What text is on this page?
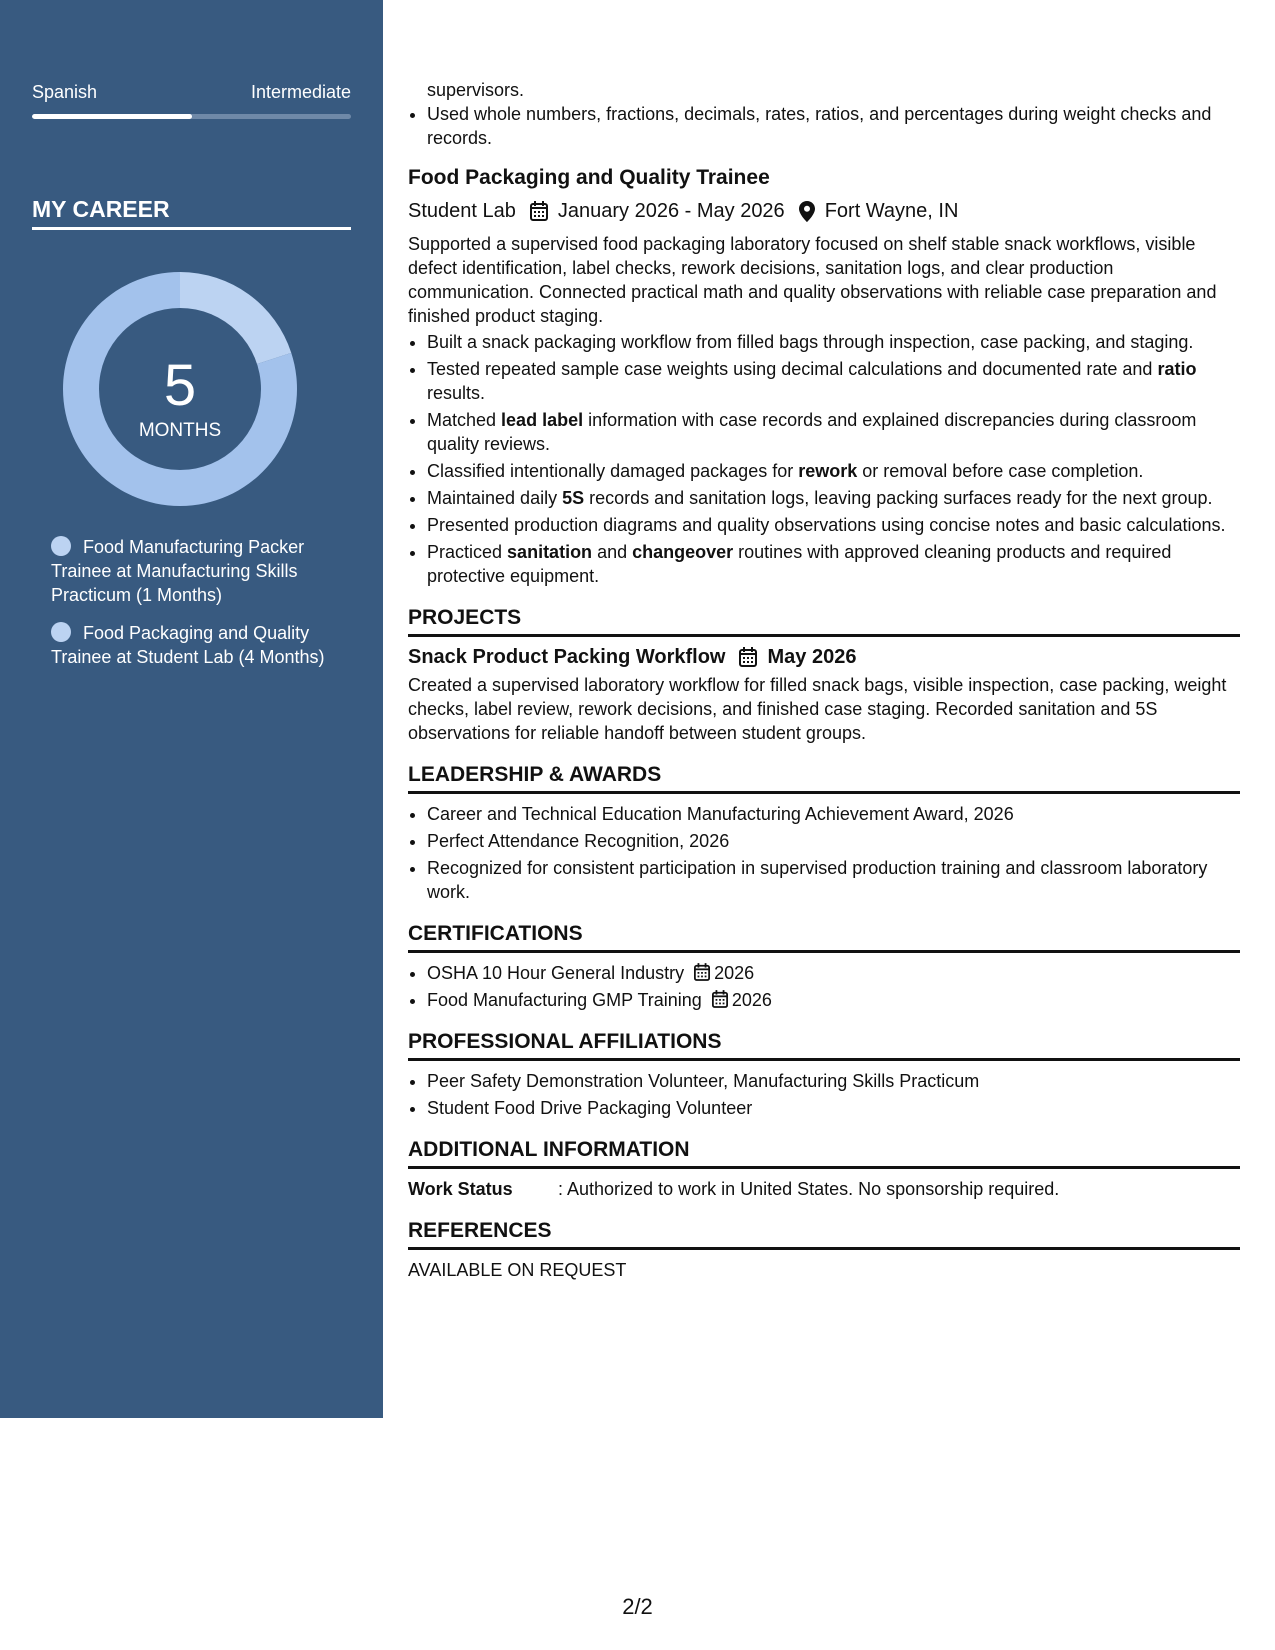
Spanish	Intermediate
MY CAREER
5
MONTHS
Food Manufacturing Packer Trainee at Manufacturing Skills Practicum (1 Months)
Food Packaging and Quality Trainee at Student Lab (4 Months)

supervisors.

• Used whole numbers, fractions, decimals, rates, ratios, and percentages during weight checks and records.
Food Packaging and Quality Trainee
Student Lab January 2026 - May 2026 Fort Wayne, IN

Supported a supervised food packaging laboratory focused on shelf stable snack workflows, visible defect identification, label checks, rework decisions, sanitation logs, and clear production communication. Connected practical math and quality observations with reliable case preparation and finished product staging.

• Built a snack packaging workflow from filled bags through inspection, case packing, and staging.
• Tested repeated sample case weights using decimal calculations and documented rate and ratio results.
• Matched lead label information with case records and explained discrepancies during classroom quality reviews.
• Classified intentionally damaged packages for rework or removal before case completion.
• Maintained daily 5S records and sanitation logs, leaving packing surfaces ready for the next group.
• Presented production diagrams and quality observations using concise notes and basic calculations.
• Practiced sanitation and changeover routines with approved cleaning products and required protective equipment.
PROJECTS
Snack Product Packing Workflow May 2026

Created a supervised laboratory workflow for filled snack bags, visible inspection, case packing, weight checks, label review, rework decisions, and finished case staging. Recorded sanitation and 5S observations for reliable handoff between student groups.

LEADERSHIP & AWARDS
• Career and Technical Education Manufacturing Achievement Award, 2026
• Perfect Attendance Recognition, 2026
• Recognized for consistent participation in supervised production training and classroom laboratory work.
CERTIFICATIONS
• OSHA 10 Hour General Industry 2026
• Food Manufacturing GMP Training 2026
PROFESSIONAL AFFILIATIONS
• Peer Safety Demonstration Volunteer, Manufacturing Skills Practicum
• Student Food Drive Packaging Volunteer
ADDITIONAL INFORMATION

Work Status	: Authorized to work in United States. No sponsorship required.

REFERENCES

AVAILABLE ON REQUEST

2/2
